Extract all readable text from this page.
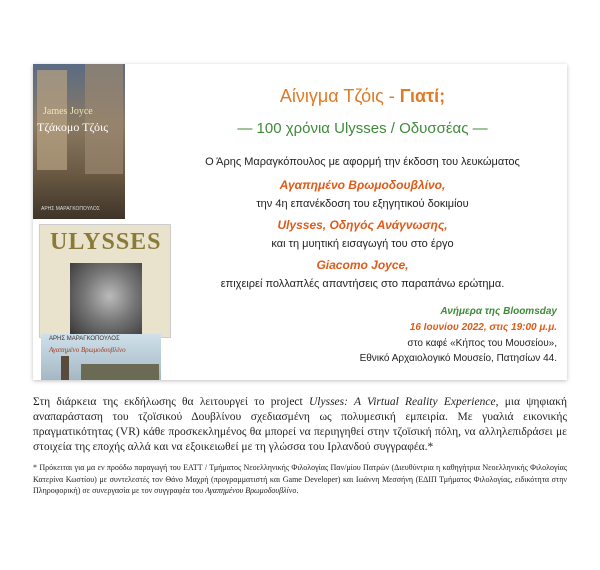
James Joyce
Τζάκομο Τζόις
ΑΡΗΣ ΜΑΡΑΓΚΟΠΟΥΛΟΣ
ULYSSES
ΑΡΗΣ ΜΑΡΑΓΚΟΠΟΥΛΟΣ
Αγαπημένο Βρωμοδουβλίνο
Αίνιγμα Τζόις - Γιατί;
— 100 χρόνια Ulysses / Οδυσσέας —
Ο Άρης Μαραγκόπουλος με αφορμή την έκδοση του λευκώματος
Αγαπημένο Βρωμοδουβλίνο,
την 4η επανέκδοση του εξηγητικού δοκιμίου
Ulysses, Οδηγός Ανάγνωσης,
και τη μυητική εισαγωγή του στο έργο
Giacomo Joyce,
επιχειρεί πολλαπλές απαντήσεις στο παραπάνω ερώτημα.
Ανήμερα της Bloomsday
16 Ιουνίου 2022, στις 19:00 μ.μ.
στο καφέ «Κήπος του Μουσείου»,
Εθνικό Αρχαιολογικό Μουσείο, Πατησίων 44.
Στη διάρκεια της εκδήλωσης θα λειτουργεί το project Ulysses: A Virtual Reality Experience, μια ψηφιακή αναπαράσταση του τζοϊσικού Δουβλίνου σχεδιασμένη ως πολυμεσική εμπειρία. Με γυαλιά εικονικής πραγματικότητας (VR) κάθε προσκεκλημένος θα μπορεί να περιηγηθεί στην τζοϊσική πόλη, να αλληλεπιδράσει με στοιχεία της εποχής αλλά και να εξοικειωθεί με τη γλώσσα του Ιρλανδού συγγραφέα.*
* Πρόκειται για μα εν προόδω παραγωγή του ΕΑΤΤ / Τμήματος Νεοελληνικής Φιλολογίας Παν/μίου Πατρών (Διευθύντρια η καθηγήτρια Νεοελληνικής Φιλολογίας Κατερίνα Κωστίου) με συντελεστές τον Θάνο Μαχρή (προγραμματιστή και Game Developer) και Ιωάννη Μεσσήνη (ΕΔΙΠ Τμήματος Φιλολογίας, ειδικότητα στην Πληροφορική) σε συνεργασία με τον συγγραφέα του Αγαπημένου Βρωμοδουβλίνο.
